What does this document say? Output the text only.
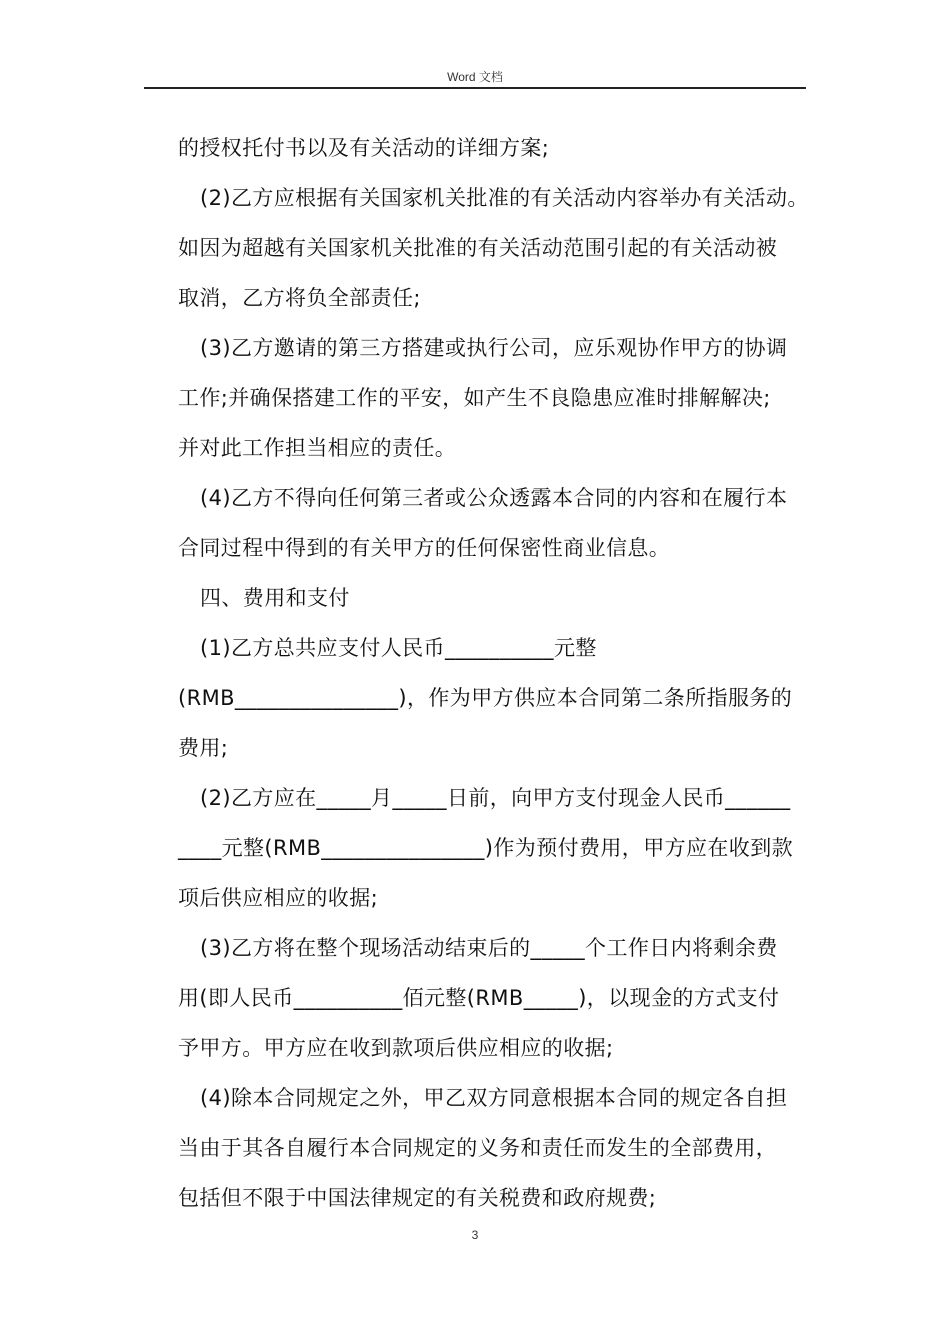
Word 文档
的授权托付书以及有关活动的详细方案;
(2)乙方应根据有关国家机关批准的有关活动内容举办有关活动。
如因为超越有关国家机关批准的有关活动范围引起的有关活动被
取消，乙方将负全部责任;
(3)乙方邀请的第三方搭建或执行公司，应乐观协作甲方的协调
工作;并确保搭建工作的平安，如产生不良隐患应准时排解解决;
并对此工作担当相应的责任。
(4)乙方不得向任何第三者或公众透露本合同的内容和在履行本
合同过程中得到的有关甲方的任何保密性商业信息。
四、费用和支付
(1)乙方总共应支付人民币__________元整
(RMB_______________)，作为甲方供应本合同第二条所指服务的
费用;
(2)乙方应在_____月_____日前，向甲方支付现金人民币______
____元整(RMB_______________)作为预付费用，甲方应在收到款
项后供应相应的收据;
(3)乙方将在整个现场活动结束后的_____个工作日内将剩余费
用(即人民币__________佰元整(RMB_____)，以现金的方式支付
予甲方。甲方应在收到款项后供应相应的收据;
(4)除本合同规定之外，甲乙双方同意根据本合同的规定各自担
当由于其各自履行本合同规定的义务和责任而发生的全部费用，
包括但不限于中国法律规定的有关税费和政府规费;
3
